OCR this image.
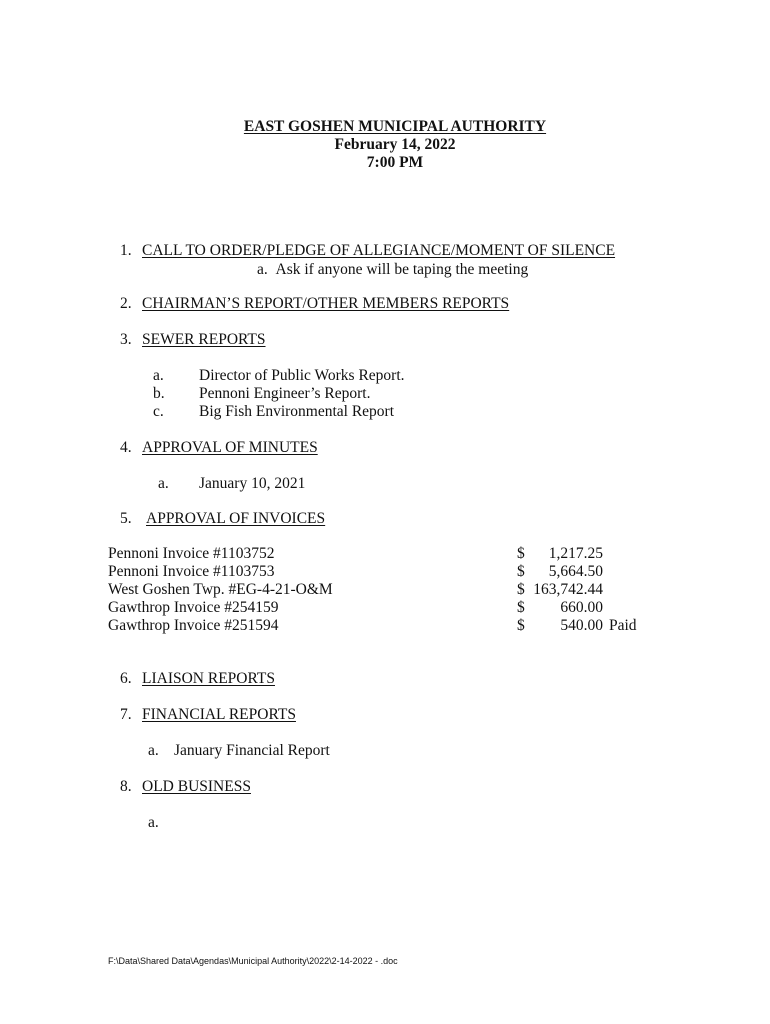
EAST GOSHEN MUNICIPAL AUTHORITY
February 14, 2022
7:00 PM
1. CALL TO ORDER/PLEDGE OF ALLEGIANCE/MOMENT OF SILENCE
a. Ask if anyone will be taping the meeting
2. CHAIRMAN’S REPORT/OTHER MEMBERS REPORTS
3. SEWER REPORTS
a. Director of Public Works Report.
b. Pennoni Engineer’s Report.
c. Big Fish Environmental Report
4. APPROVAL OF MINUTES
a. January 10, 2021
5. APPROVAL OF INVOICES
Pennoni Invoice #1103752	$ 1,217.25
Pennoni Invoice #1103753	$ 5,664.50
West Goshen Twp. #EG-4-21-O&M	$ 163,742.44
Gawthrop Invoice #254159	$ 660.00
Gawthrop Invoice #251594	$ 540.00 Paid
6. LIAISON REPORTS
7. FINANCIAL REPORTS
a. January Financial Report
8. OLD BUSINESS
a.
F:\Data\Shared Data\Agendas\Municipal Authority\2022\2-14-2022 - .doc
